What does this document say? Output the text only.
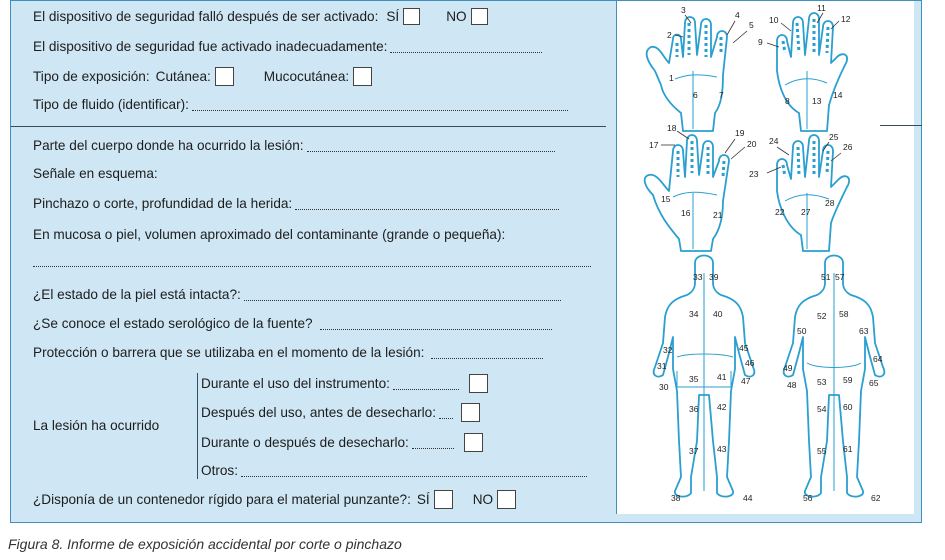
El dispositivo de seguridad falló después de ser activado: SÍ	NO
El dispositivo de seguridad fue activado inadecuadamente:
Tipo de exposición: Cutánea:	Mucocutánea:
Tipo de fluido (identificar):
Parte del cuerpo donde ha ocurrido la lesión:
Señale en esquema:
Pinchazo o corte, profundidad de la herida:
En mucosa o piel, volumen aproximado del contaminante (grande o pequeña):
¿El estado de la piel está intacta?:
¿Se conoce el estado serológico de la fuente?
Protección o barrera que se utilizaba en el momento de la lesión:
La lesión ha ocurrido
Durante el uso del instrumento:
Después del uso, antes de desecharlo:
Durante o después de desecharlo:
Otros:
¿Disponía de un contenedor rígido para el material punzante?: SÍ	NO
1
2
3	4
5
6	7
8
9
10
11
12
13
14
15
16
17
18	19
20
21	22
23
24	25
26
27
28
30
31
32
33
34
35
36
37
38
39
40
41
42
43
44
45
46
47	48
49
50
51
52
53
54
55
56
57
58
59
60
61
62
63
64
65
Figura 8. Informe de exposición accidental por corte o pinchazo
